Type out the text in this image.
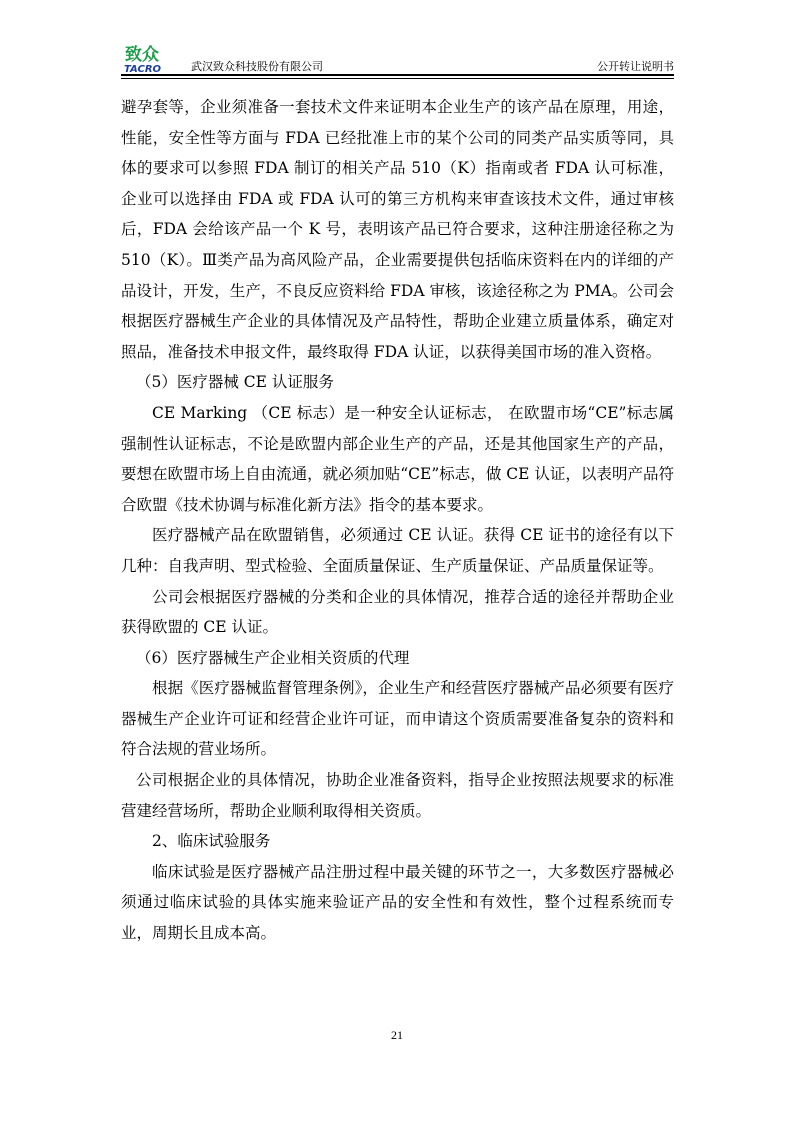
致众
TACRO	武汉致众科技股份有限公司	公开转让说明书

避孕套等，企业须准备一套技术文件来证明本企业生产的该产品在原理，用途，性能，安全性等方面与 FDA 已经批准上市的某个公司的同类产品实质等同，具体的要求可以参照 FDA 制订的相关产品 510（K）指南或者 FDA 认可标准，企业可以选择由 FDA 或 FDA 认可的第三方机构来审查该技术文件，通过审核后，FDA 会给该产品一个 K 号，表明该产品已符合要求，这种注册途径称之为 510（K）。Ⅲ类产品为高风险产品，企业需要提供包括临床资料在内的详细的产品设计，开发，生产，不良反应资料给 FDA 审核，该途径称之为 PMA。公司会根据医疗器械生产企业的具体情况及产品特性，帮助企业建立质量体系，确定对照品，准备技术申报文件，最终取得 FDA 认证，以获得美国市场的准入资格。

（5）医疗器械 CE 认证服务

CE Marking （CE 标志）是一种安全认证标志， 在欧盟市场“CE”标志属强制性认证标志，不论是欧盟内部企业生产的产品，还是其他国家生产的产品，要想在欧盟市场上自由流通，就必须加贴“CE”标志，做 CE 认证，以表明产品符合欧盟《技术协调与标准化新方法》指令的基本要求。

医疗器械产品在欧盟销售，必须通过 CE 认证。获得 CE 证书的途径有以下几种：自我声明、型式检验、全面质量保证、生产质量保证、产品质量保证等。

公司会根据医疗器械的分类和企业的具体情况，推荐合适的途径并帮助企业获得欧盟的 CE 认证。

（6）医疗器械生产企业相关资质的代理

根据《医疗器械监督管理条例》，企业生产和经营医疗器械产品必须要有医疗器械生产企业许可证和经营企业许可证，而申请这个资质需要准备复杂的资料和符合法规的营业场所。

公司根据企业的具体情况，协助企业准备资料，指导企业按照法规要求的标准营建经营场所，帮助企业顺利取得相关资质。

2、临床试验服务

临床试验是医疗器械产品注册过程中最关键的环节之一，大多数医疗器械必须通过临床试验的具体实施来验证产品的安全性和有效性，整个过程系统而专业，周期长且成本高。

21
